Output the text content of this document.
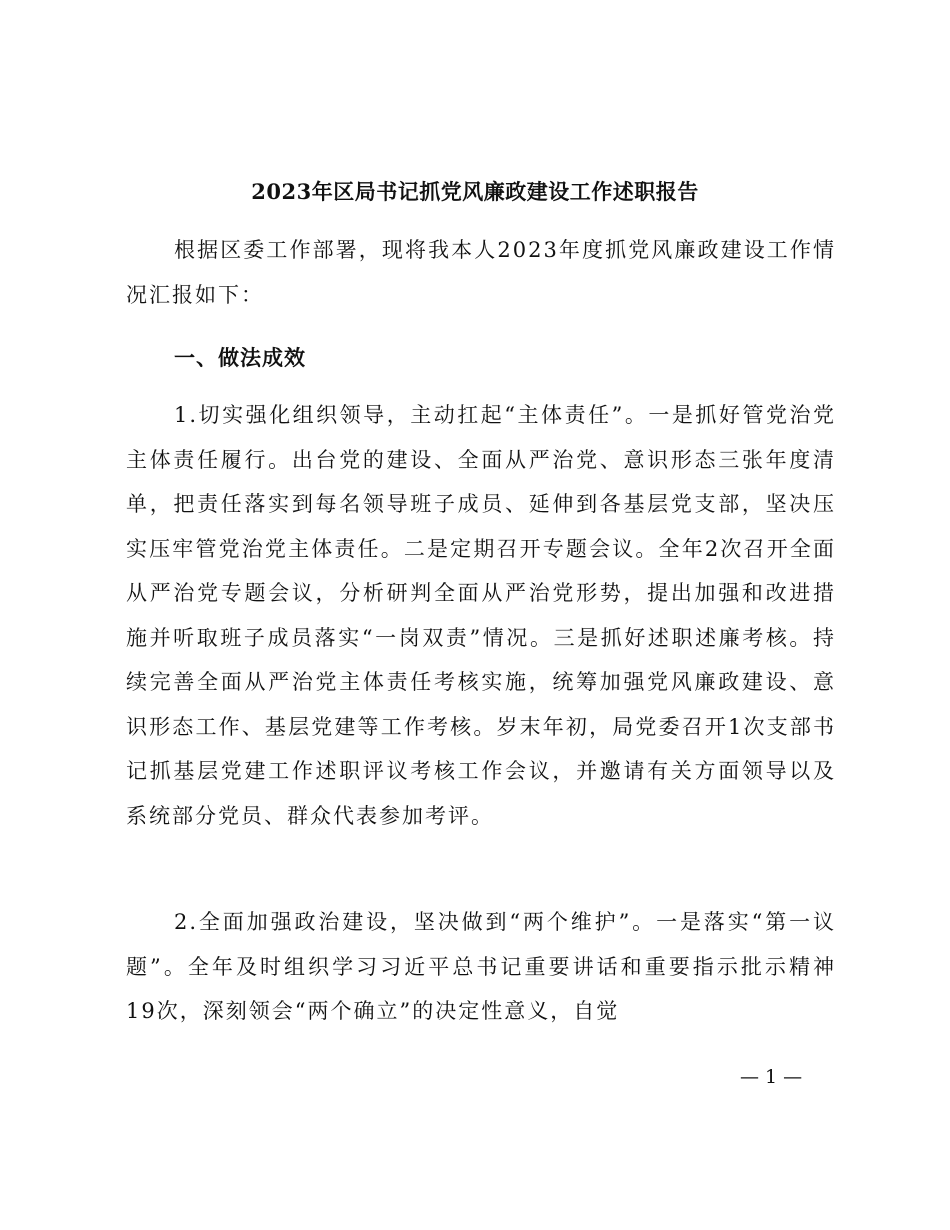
2023年区局书记抓党风廉政建设工作述职报告

根据区委工作部署，现将我本人2023年度抓党风廉政建设工作情况汇报如下：

一、做法成效

1.切实强化组织领导，主动扛起“主体责任”。一是抓好管党治党主体责任履行。出台党的建设、全面从严治党、意识形态三张年度清单，把责任落实到每名领导班子成员、延伸到各基层党支部，坚决压实压牢管党治党主体责任。二是定期召开专题会议。全年2次召开全面从严治党专题会议，分析研判全面从严治党形势，提出加强和改进措施并听取班子成员落实“一岗双责”情况。三是抓好述职述廉考核。持续完善全面从严治党主体责任考核实施，统筹加强党风廉政建设、意识形态工作、基层党建等工作考核。岁末年初，局党委召开1次支部书记抓基层党建工作述职评议考核工作会议，并邀请有关方面领导以及系统部分党员、群众代表参加考评。

2.全面加强政治建设，坚决做到“两个维护”。一是落实“第一议题”。全年及时组织学习习近平总书记重要讲话和重要指示批示精神19次，深刻领会“两个确立”的决定性意义，自觉

— 1 —
